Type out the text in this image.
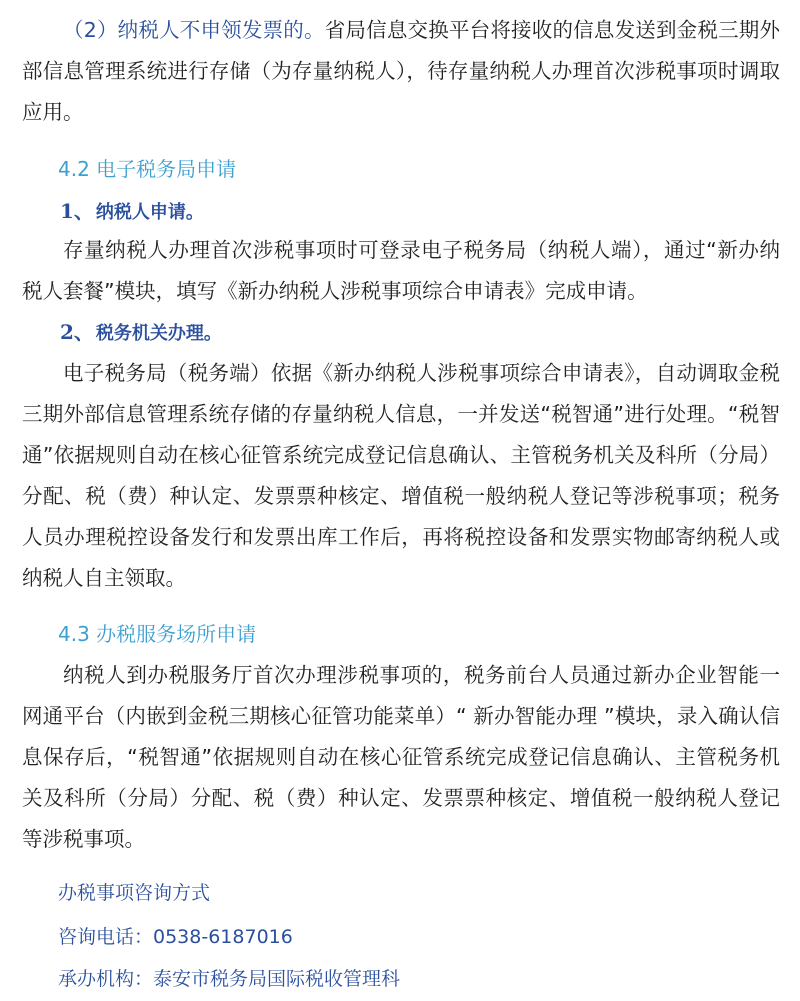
（2）纳税人不申领发票的。省局信息交换平台将接收的信息发送到金税三期外部信息管理系统进行存储（为存量纳税人），待存量纳税人办理首次涉税事项时调取应用。

4.2 电子税务局申请
1、 纳税人申请。

存量纳税人办理首次涉税事项时可登录电子税务局（纳税人端），通过“新办纳税人套餐”模块，填写《新办纳税人涉税事项综合申请表》完成申请。

2、 税务机关办理。

电子税务局（税务端）依据《新办纳税人涉税事项综合申请表》，自动调取金税三期外部信息管理系统存储的存量纳税人信息，一并发送“税智通”进行处理。“税智通”依据规则自动在核心征管系统完成登记信息确认、主管税务机关及科所（分局）分配、税（费）种认定、发票票种核定、增值税一般纳税人登记等涉税事项；税务人员办理税控设备发行和发票出库工作后，再将税控设备和发票实物邮寄纳税人或纳税人自主领取。

4.3 办税服务场所申请

纳税人到办税服务厅首次办理涉税事项的，税务前台人员通过新办企业智能一网通平台（内嵌到金税三期核心征管功能菜单）“ 新办智能办理 ”模块，录入确认信息保存后，“税智通”依据规则自动在核心征管系统完成登记信息确认、主管税务机关及科所（分局）分配、税（费）种认定、发票票种核定、增值税一般纳税人登记等涉税事项。

办税事项咨询方式
咨询电话：0538-6187016
承办机构：泰安市税务局国际税收管理科
